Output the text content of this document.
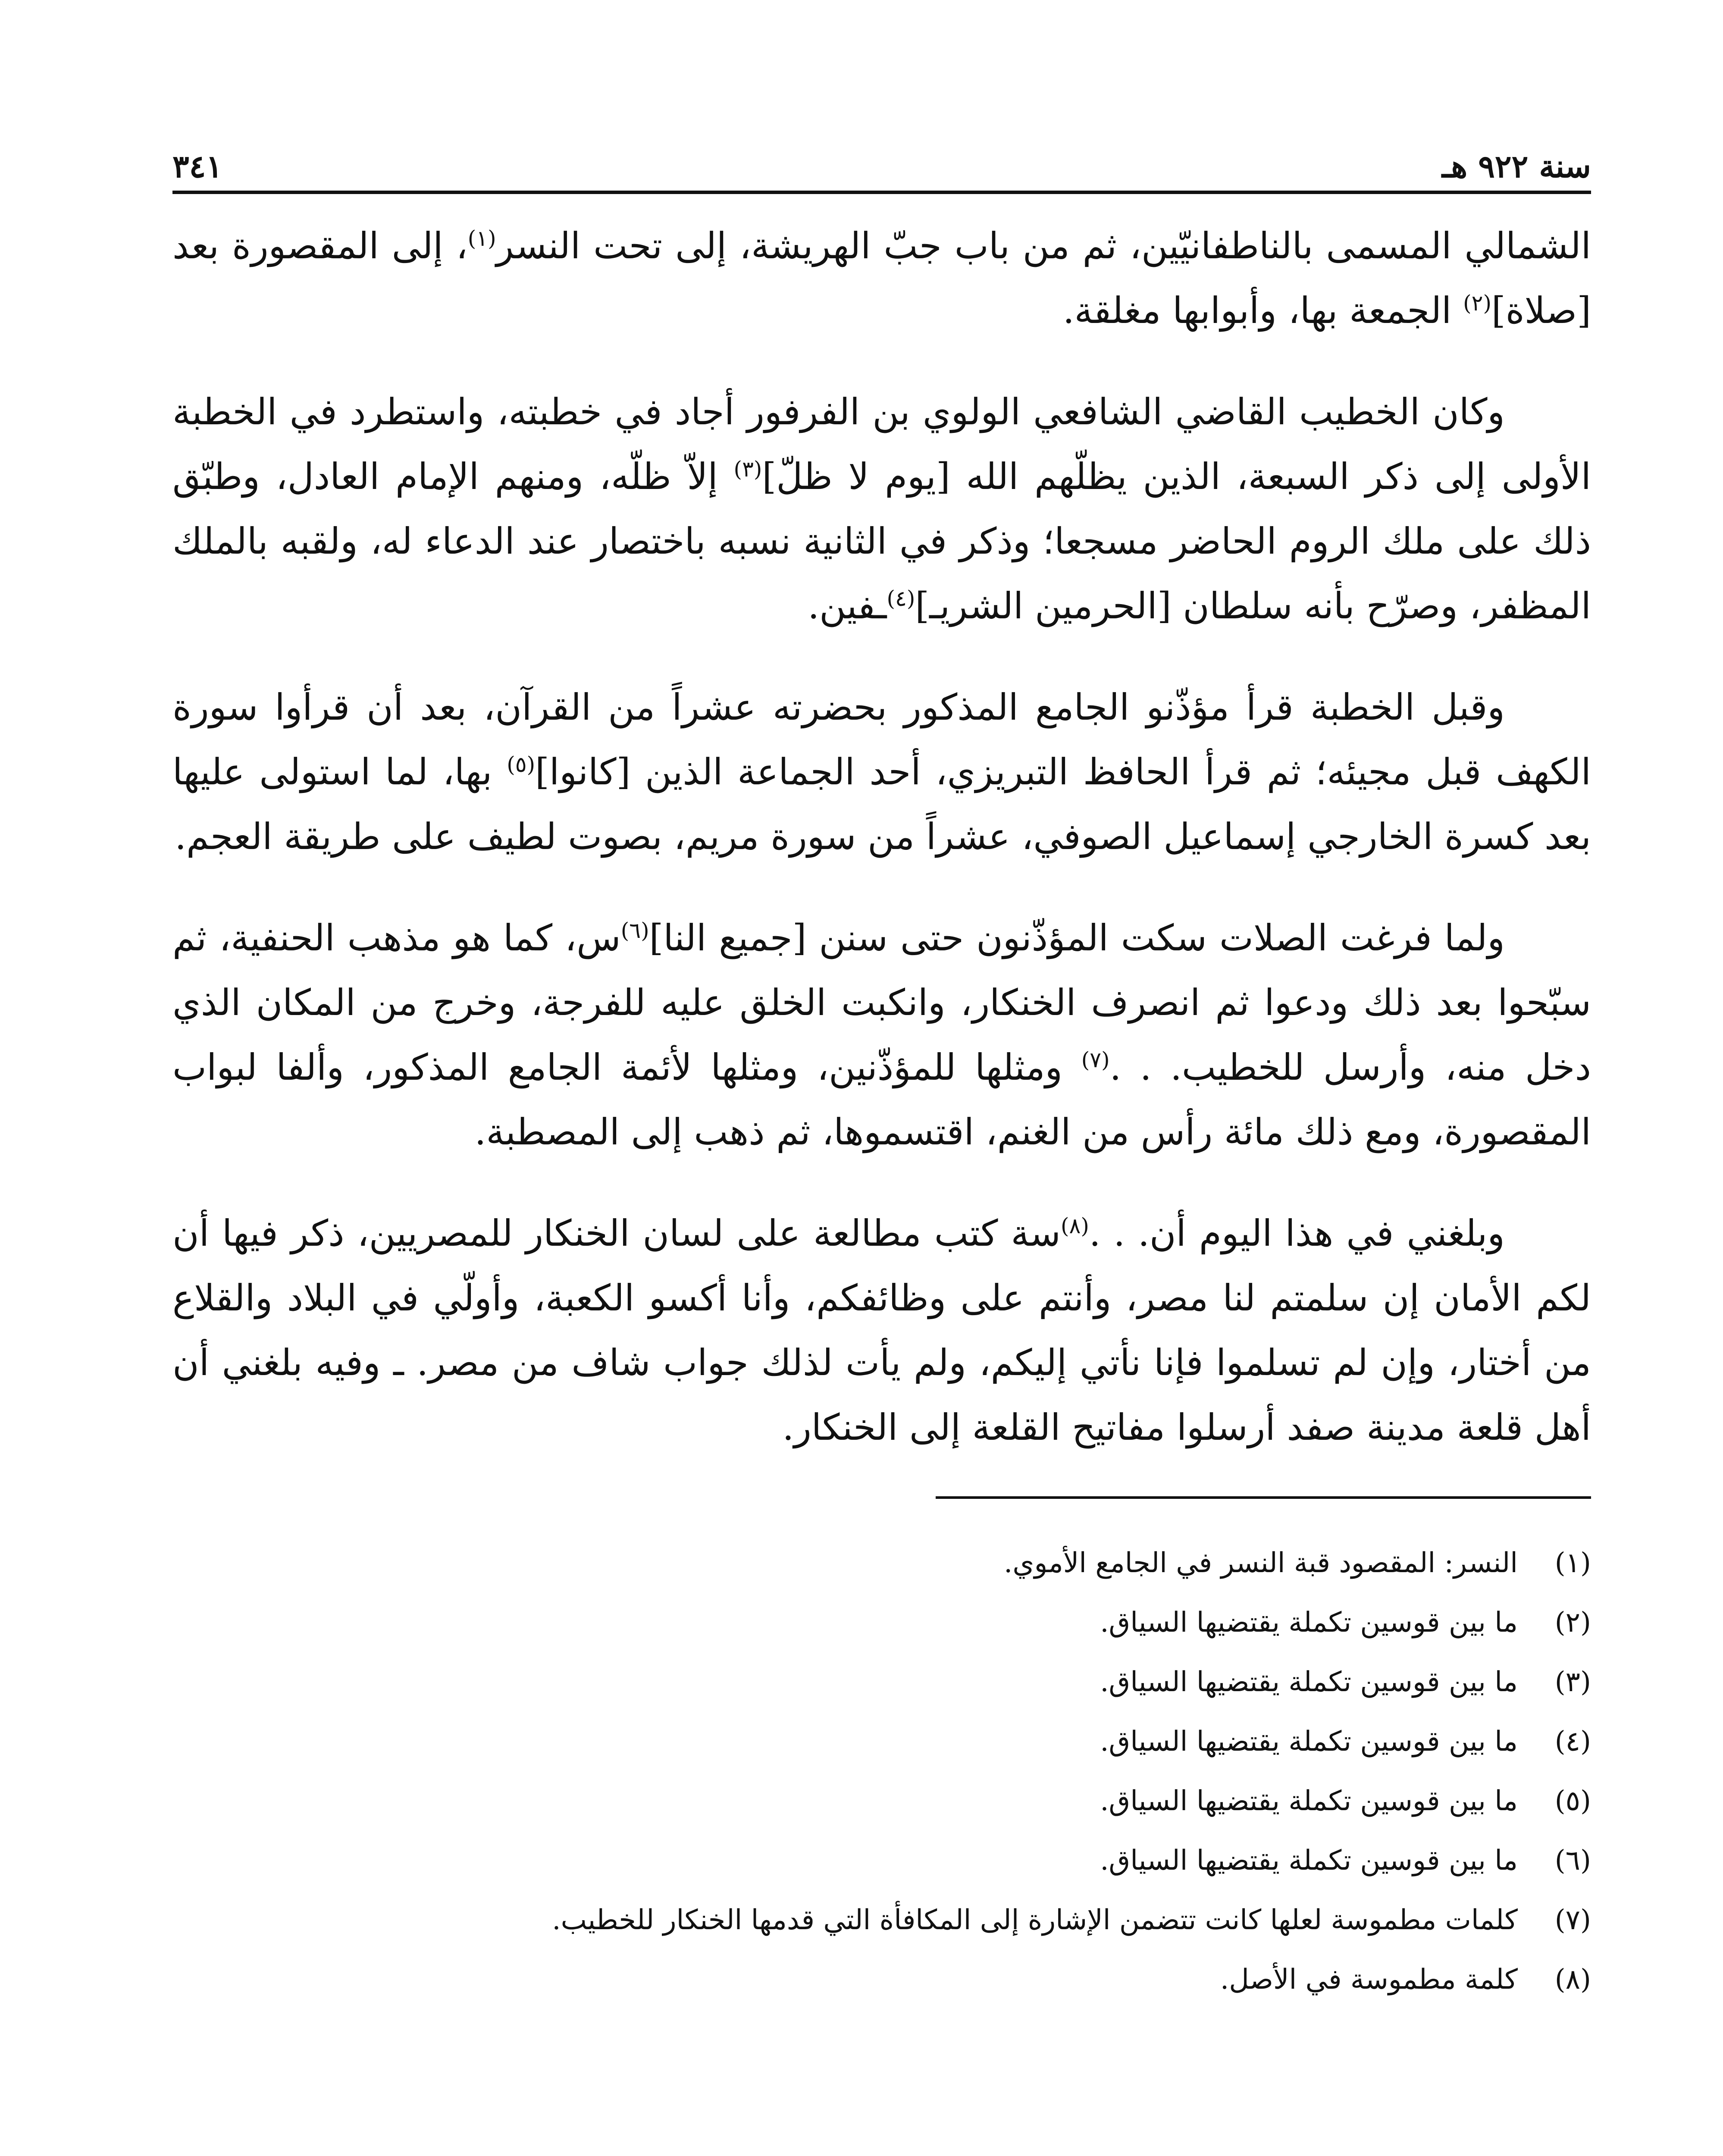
سنة ٩٢٢ هـ
٣٤١

الشمالي المسمى بالناطفانيّين، ثم من باب جبّ الهريشة، إلى تحت النسر$^{(١)}$، إلى المقصورة بعد [صلاة]$^{(٢)}$ الجمعة بها، وأبوابها مغلقة.

وكان الخطيب القاضي الشافعي الولوي بن الفرفور أجاد في خطبته، واستطرد في الخطبة الأولى إلى ذكر السبعة، الذين يظلّهم الله [يوم لا ظلّ]$^{(٣)}$ إلاّ ظلّه، ومنهم الإمام العادل، وطبّق ذلك على ملك الروم الحاضر مسجعا؛ وذكر في الثانية نسبه باختصار عند الدعاء له، ولقبه بالملك المظفر، وصرّح بأنه سلطان [الحرمين الشريـ]$^{(٤)}$ـفين.

وقبل الخطبة قرأ مؤذّنو الجامع المذكور بحضرته عشراً من القرآن، بعد أن قرأوا سورة الكهف قبل مجيئه؛ ثم قرأ الحافظ التبريزي، أحد الجماعة الذين [كانوا]$^{(٥)}$ بها، لما استولى عليها بعد كسرة الخارجي إسماعيل الصوفي، عشراً من سورة مريم، بصوت لطيف على طريقة العجم.

ولما فرغت الصلات سكت المؤذّنون حتى سنن [جميع النا]$^{(٦)}$س، كما هو مذهب الحنفية، ثم سبّحوا بعد ذلك ودعوا ثم انصرف الخنكار، وانكبت الخلق عليه للفرجة، وخرج من المكان الذي دخل منه، وأرسل للخطيب. . .$^{(٧)}$ ومثلها للمؤذّنين، ومثلها لأئمة الجامع المذكور، وألفا لبواب المقصورة، ومع ذلك مائة رأس من الغنم، اقتسموها، ثم ذهب إلى المصطبة.

وبلغني في هذا اليوم أن. . .$^{(٨)}$سة كتب مطالعة على لسان الخنكار للمصريين، ذكر فيها أن لكم الأمان إن سلمتم لنا مصر، وأنتم على وظائفكم، وأنا أكسو الكعبة، وأولّي في البلاد والقلاع من أختار، وإن لم تسلموا فإنا نأتي إليكم، ولم يأت لذلك جواب شاف من مصر. ـ وفيه بلغني أن أهل قلعة مدينة صفد أرسلوا مفاتيح القلعة إلى الخنكار.

(١)
النسر: المقصود قبة النسر في الجامع الأموي.
(٢)
ما بين قوسين تكملة يقتضيها السياق.
(٣)
ما بين قوسين تكملة يقتضيها السياق.
(٤)
ما بين قوسين تكملة يقتضيها السياق.
(٥)
ما بين قوسين تكملة يقتضيها السياق.
(٦)
ما بين قوسين تكملة يقتضيها السياق.
(٧)
كلمات مطموسة لعلها كانت تتضمن الإشارة إلى المكافأة التي قدمها الخنكار للخطيب.
(٨)
كلمة مطموسة في الأصل.
